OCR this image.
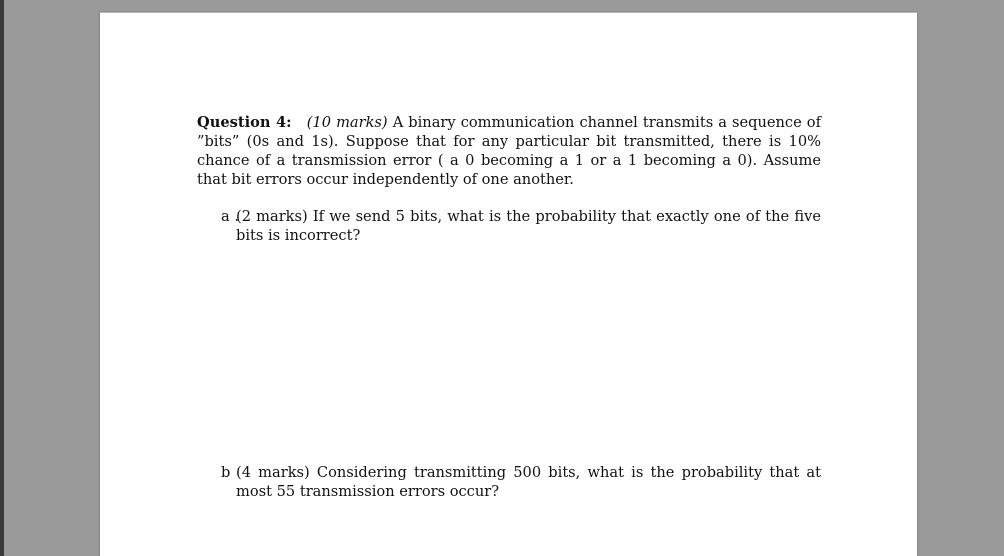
Question 4: (10 marks) A binary communication channel transmits a sequence of ”bits” (0s and 1s). Suppose that for any particular bit transmitted, there is 10% chance of a transmission error ( a 0 becoming a 1 or a 1 becoming a 0). Assume that bit errors occur independently of one another.

a .
(2 marks) If we send 5 bits, what is the probability that exactly one of the five bits is incorrect?

b (4 marks) Considering transmitting 500 bits, what is the probability that at most 55 transmission errors occur?
